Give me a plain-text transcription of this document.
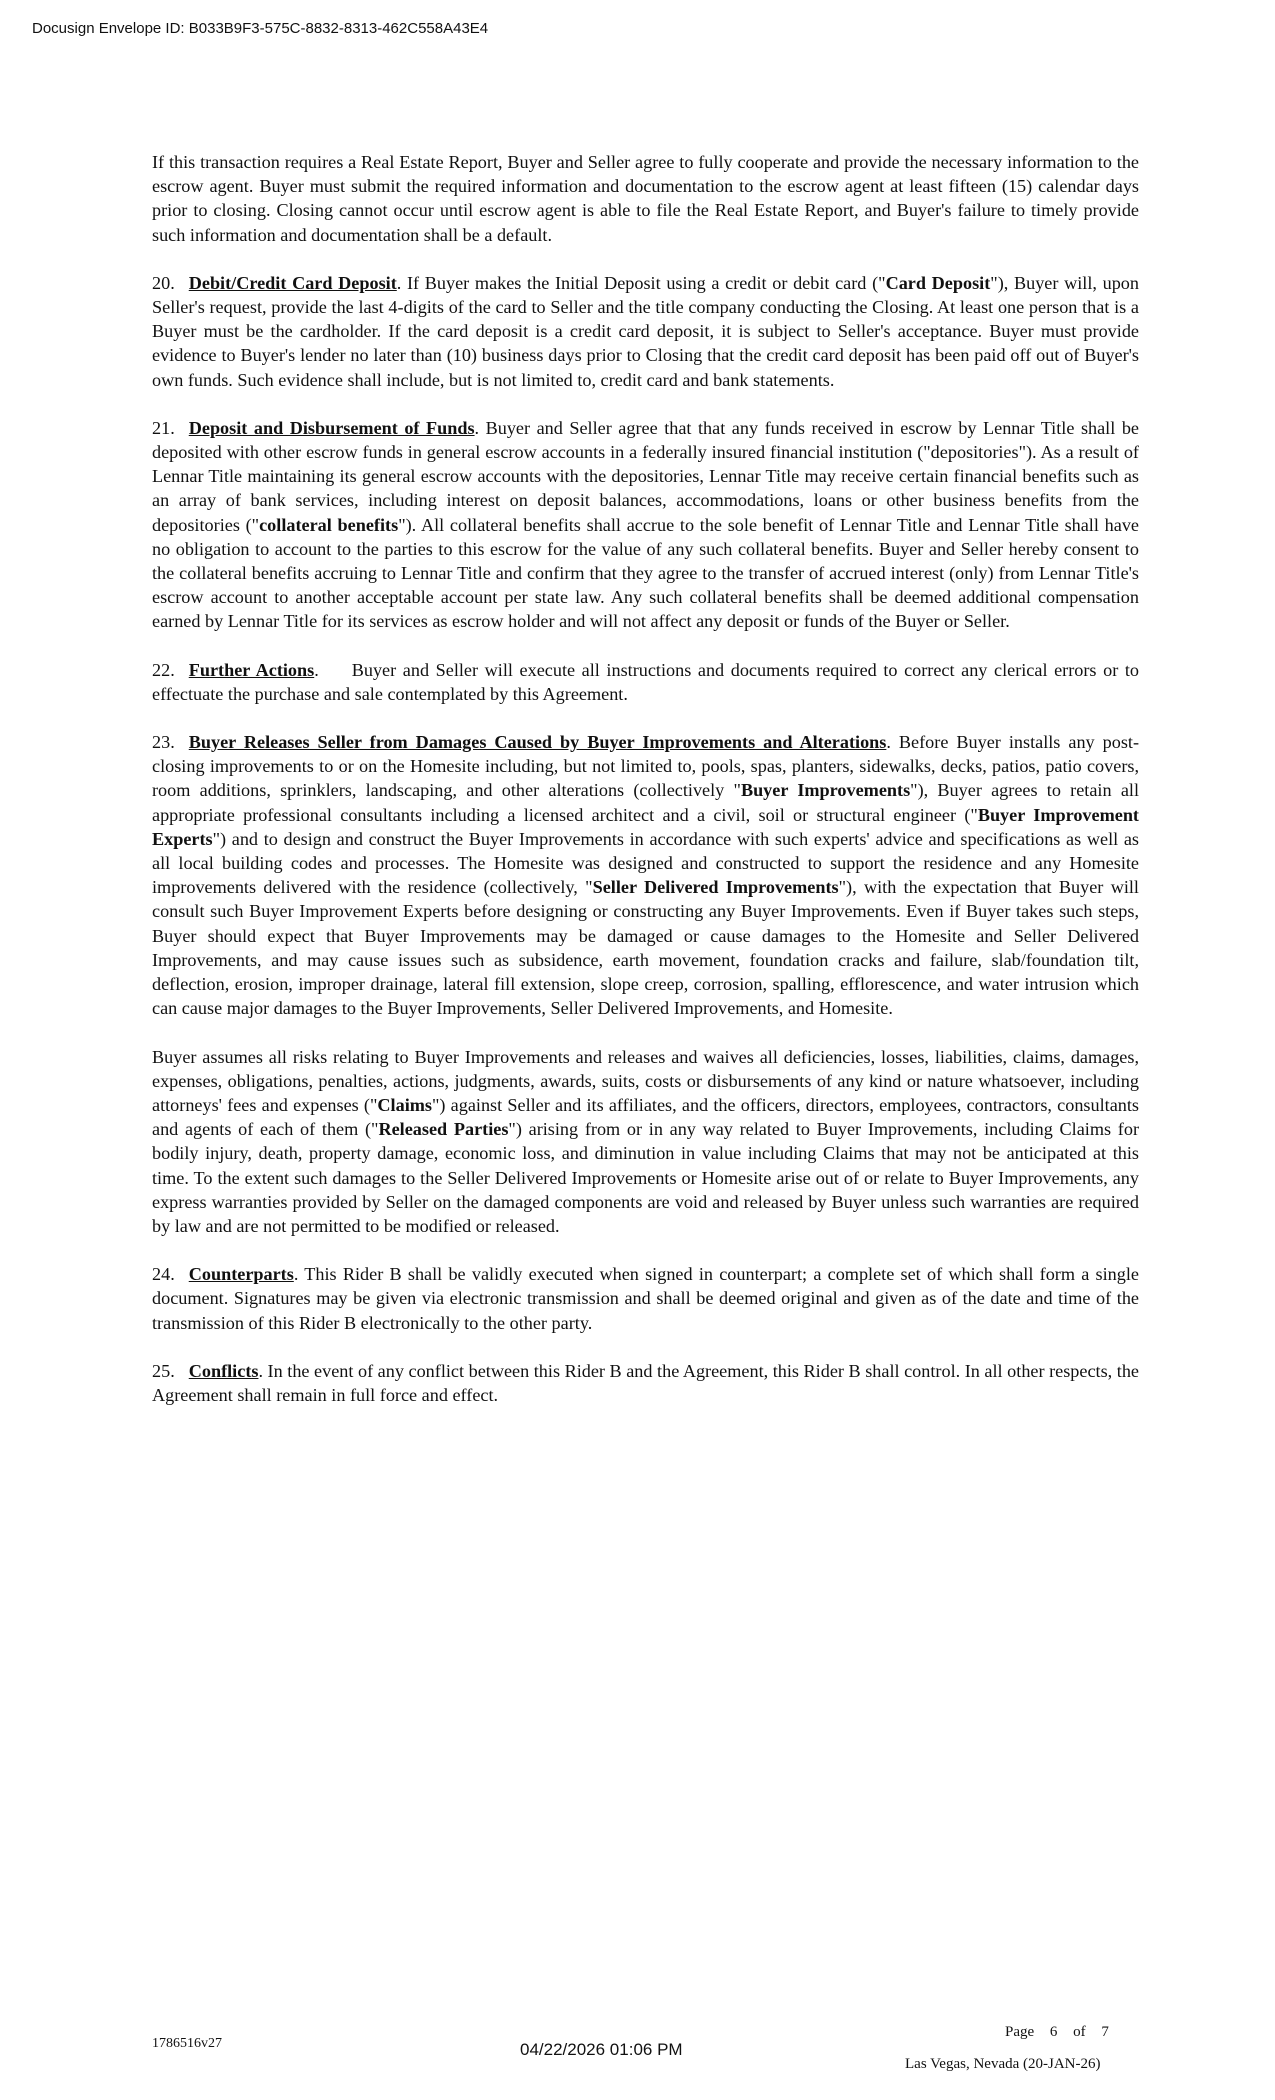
Docusign Envelope ID: B033B9F3-575C-8832-8313-462C558A43E4

If this transaction requires a Real Estate Report, Buyer and Seller agree to fully cooperate and provide the necessary information to the escrow agent. Buyer must submit the required information and documentation to the escrow agent at least fifteen (15) calendar days prior to closing. Closing cannot occur until escrow agent is able to file the Real Estate Report, and Buyer's failure to timely provide such information and documentation shall be a default.

20. Debit/Credit Card Deposit. If Buyer makes the Initial Deposit using a credit or debit card ("Card Deposit"), Buyer will, upon Seller's request, provide the last 4-digits of the card to Seller and the title company conducting the Closing. At least one person that is a Buyer must be the cardholder. If the card deposit is a credit card deposit, it is subject to Seller's acceptance. Buyer must provide evidence to Buyer's lender no later than (10) business days prior to Closing that the credit card deposit has been paid off out of Buyer's own funds. Such evidence shall include, but is not limited to, credit card and bank statements.

21. Deposit and Disbursement of Funds. Buyer and Seller agree that that any funds received in escrow by Lennar Title shall be deposited with other escrow funds in general escrow accounts in a federally insured financial institution ("depositories"). As a result of Lennar Title maintaining its general escrow accounts with the depositories, Lennar Title may receive certain financial benefits such as an array of bank services, including interest on deposit balances, accommodations, loans or other business benefits from the depositories ("collateral benefits"). All collateral benefits shall accrue to the sole benefit of Lennar Title and Lennar Title shall have no obligation to account to the parties to this escrow for the value of any such collateral benefits. Buyer and Seller hereby consent to the collateral benefits accruing to Lennar Title and confirm that they agree to the transfer of accrued interest (only) from Lennar Title's escrow account to another acceptable account per state law. Any such collateral benefits shall be deemed additional compensation earned by Lennar Title for its services as escrow holder and will not affect any deposit or funds of the Buyer or Seller.

22. Further Actions.     Buyer and Seller will execute all instructions and documents required to correct any clerical errors or to effectuate the purchase and sale contemplated by this Agreement.

23. Buyer Releases Seller from Damages Caused by Buyer Improvements and Alterations. Before Buyer installs any post-closing improvements to or on the Homesite including, but not limited to, pools, spas, planters, sidewalks, decks, patios, patio covers, room additions, sprinklers, landscaping, and other alterations (collectively "Buyer Improvements"), Buyer agrees to retain all appropriate professional consultants including a licensed architect and a civil, soil or structural engineer ("Buyer Improvement Experts") and to design and construct the Buyer Improvements in accordance with such experts' advice and specifications as well as all local building codes and processes. The Homesite was designed and constructed to support the residence and any Homesite improvements delivered with the residence (collectively, "Seller Delivered Improvements"), with the expectation that Buyer will consult such Buyer Improvement Experts before designing or constructing any Buyer Improvements. Even if Buyer takes such steps, Buyer should expect that Buyer Improvements may be damaged or cause damages to the Homesite and Seller Delivered Improvements, and may cause issues such as subsidence, earth movement, foundation cracks and failure, slab/foundation tilt, deflection, erosion, improper drainage, lateral fill extension, slope creep, corrosion, spalling, efflorescence, and water intrusion which can cause major damages to the Buyer Improvements, Seller Delivered Improvements, and Homesite.

Buyer assumes all risks relating to Buyer Improvements and releases and waives all deficiencies, losses, liabilities, claims, damages, expenses, obligations, penalties, actions, judgments, awards, suits, costs or disbursements of any kind or nature whatsoever, including attorneys' fees and expenses ("Claims") against Seller and its affiliates, and the officers, directors, employees, contractors, consultants and agents of each of them ("Released Parties") arising from or in any way related to Buyer Improvements, including Claims for bodily injury, death, property damage, economic loss, and diminution in value including Claims that may not be anticipated at this time. To the extent such damages to the Seller Delivered Improvements or Homesite arise out of or relate to Buyer Improvements, any express warranties provided by Seller on the damaged components are void and released by Buyer unless such warranties are required by law and are not permitted to be modified or released.

24. Counterparts. This Rider B shall be validly executed when signed in counterpart; a complete set of which shall form a single document. Signatures may be given via electronic transmission and shall be deemed original and given as of the date and time of the transmission of this Rider B electronically to the other party.

25. Conflicts. In the event of any conflict between this Rider B and the Agreement, this Rider B shall control. In all other respects, the Agreement shall remain in full force and effect.

1786516v27	04/22/2026 01:06 PM
Page 6 of 7
Las Vegas, Nevada (20-JAN-26)
